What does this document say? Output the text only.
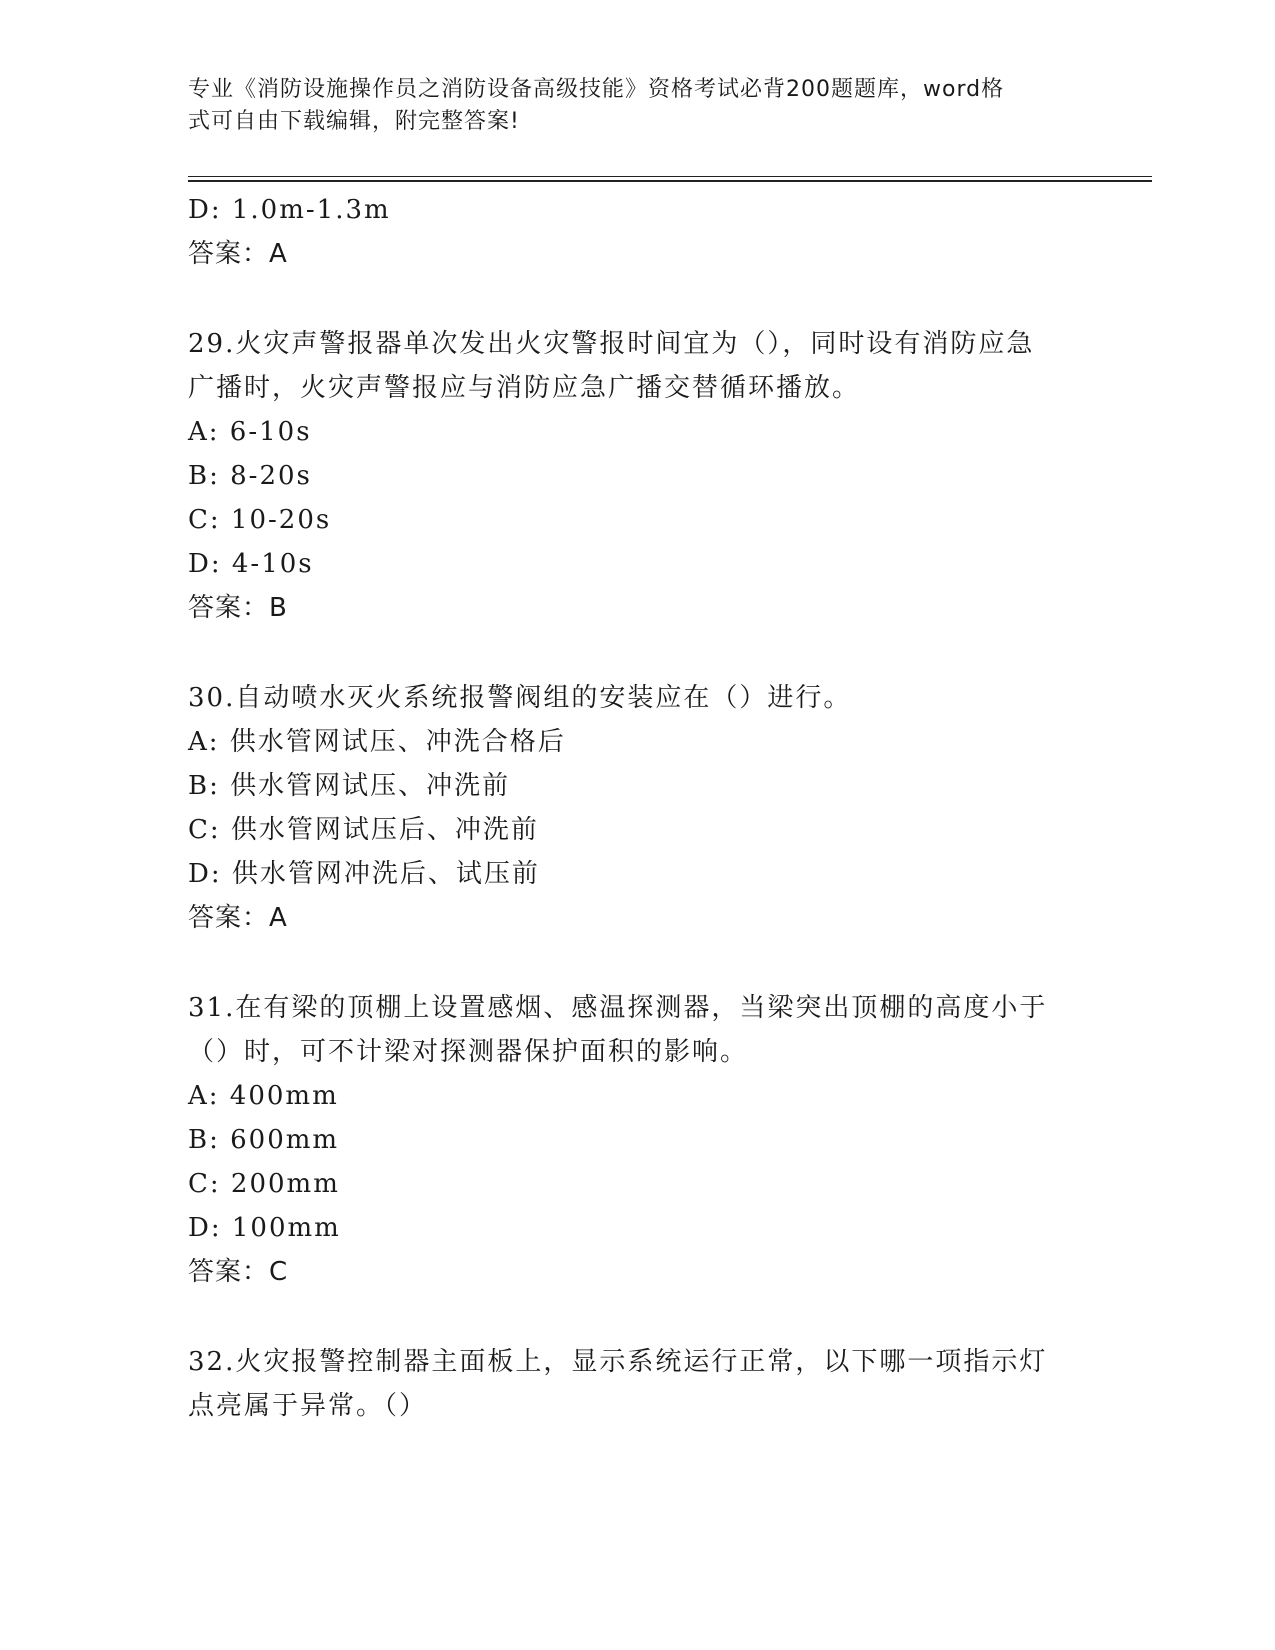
专业《消防设施操作员之消防设备高级技能》资格考试必背200题题库，word格
式可自由下载编辑，附完整答案!
D: 1.0m-1.3m
答案：A
29.火灾声警报器单次发出火灾警报时间宜为（），同时设有消防应急
广播时，火灾声警报应与消防应急广播交替循环播放。
A: 6-10s
B: 8-20s
C: 10-20s
D: 4-10s
答案：B
30.自动喷水灭火系统报警阀组的安装应在（）进行。
A: 供水管网试压、冲洗合格后
B: 供水管网试压、冲洗前
C: 供水管网试压后、冲洗前
D: 供水管网冲洗后、试压前
答案：A
31.在有梁的顶棚上设置感烟、感温探测器，当梁突出顶棚的高度小于
（）时，可不计梁对探测器保护面积的影响。
A: 400mm
B: 600mm
C: 200mm
D: 100mm
答案：C
32.火灾报警控制器主面板上，显示系统运行正常，以下哪一项指示灯
点亮属于异常。（）
